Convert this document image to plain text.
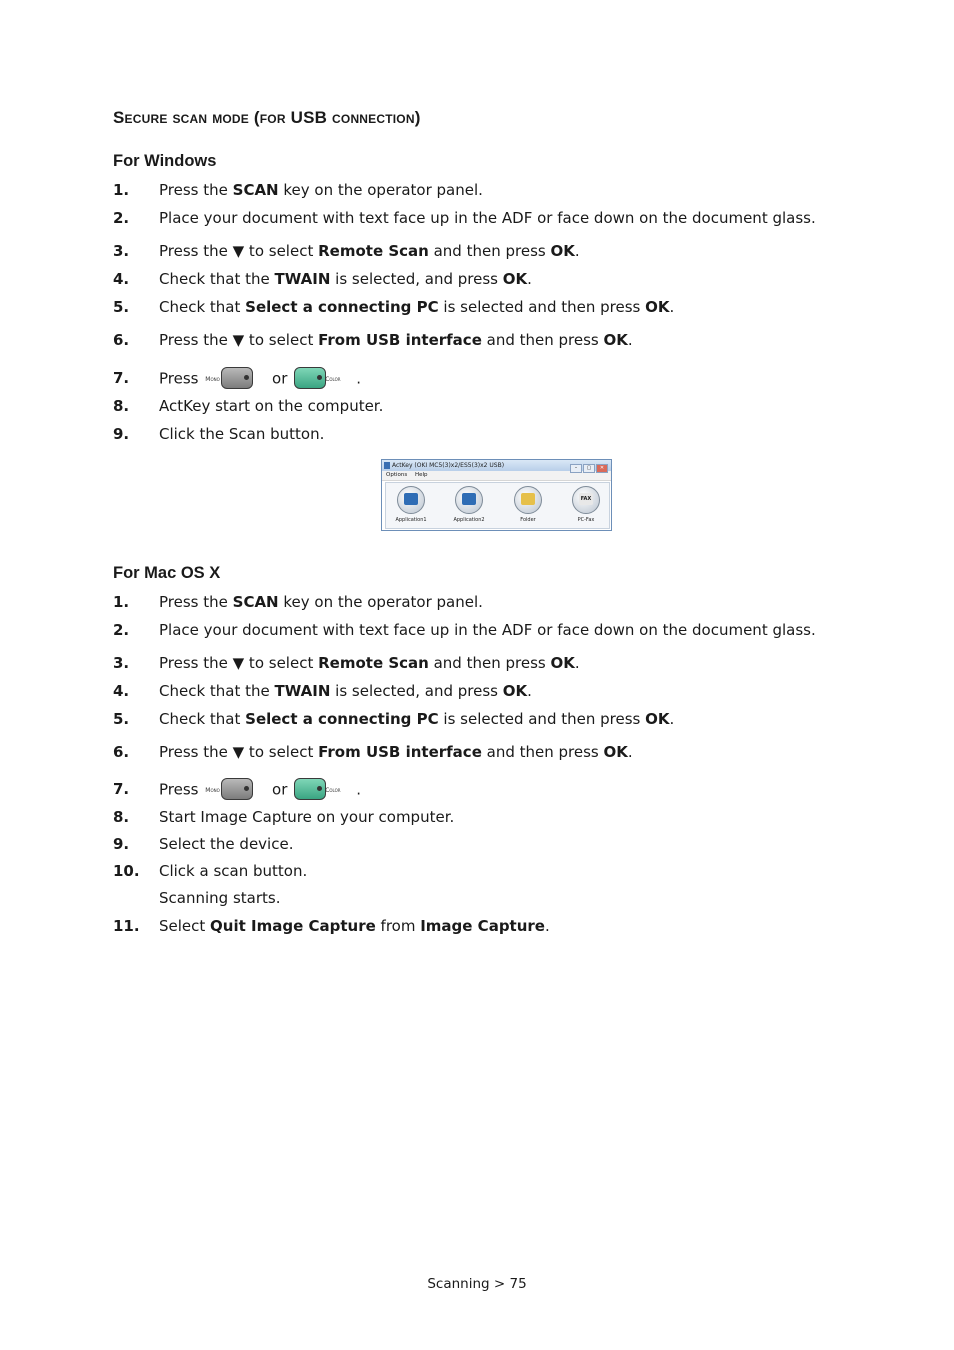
Secure scan mode (for USB connection)
For Windows
1. Press the SCAN key on the operator panel.
2. Place your document with text face up in the ADF or face down on the document glass.
3. Press the ▼ to select Remote Scan and then press OK.
4. Check that the TWAIN is selected, and press OK.
5. Check that Select a connecting PC is selected and then press OK.
6. Press the ▼ to select From USB interface and then press OK.
7. Press Mono	or	Color .
8. ActKey start on the computer.
9. Click the Scan button.
ActKey (OKI MC5(3)x2/ES5(3)x2 USB)	– ▢ ✕
Options Help
Application1	Application2	Folder
FAX
PC-Fax
For Mac OS X
1. Press the SCAN key on the operator panel.
2. Place your document with text face up in the ADF or face down on the document glass.
3. Press the ▼ to select Remote Scan and then press OK.
4. Check that the TWAIN is selected, and press OK.
5. Check that Select a connecting PC is selected and then press OK.
6. Press the ▼ to select From USB interface and then press OK.
7. Press Mono	or	Color .
8. Start Image Capture on your computer.
9. Select the device.
10. Click a scan button.
Scanning starts.
11. Select Quit Image Capture from Image Capture.
Scanning > 75
